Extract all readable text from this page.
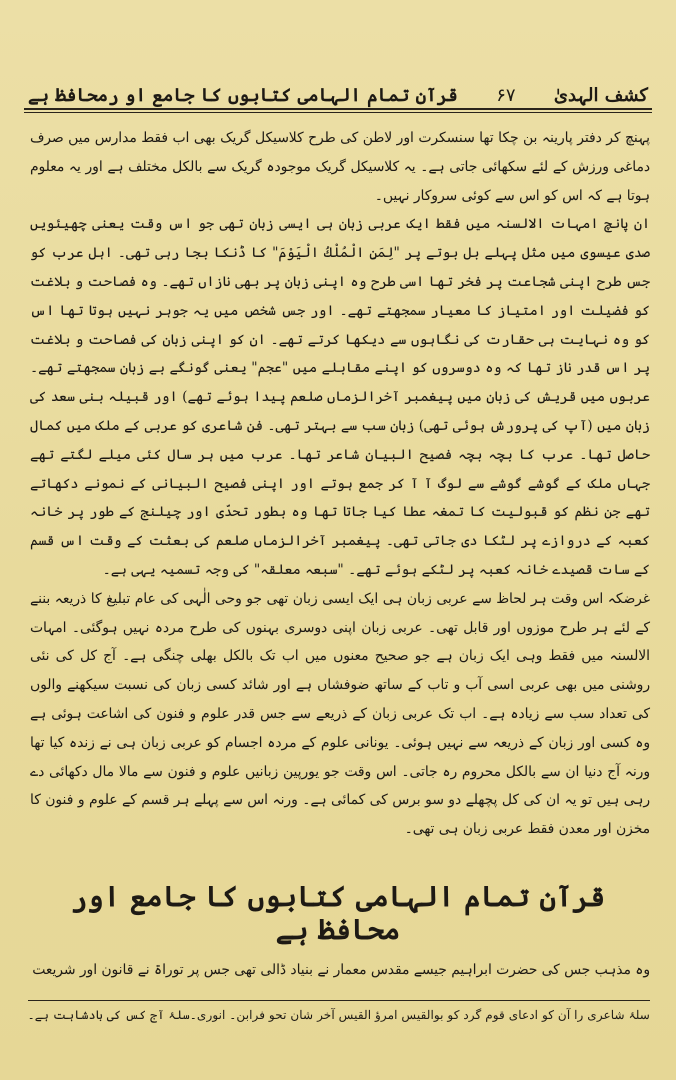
کشف الہدیٰ
۶۷
قرآن تمام الہامی کتابوں کا جامع او رمحافظ ہے

پہنچ کر دفتر پارینہ بن چکا تھا سنسکرت اور لاطن کی طرح کلاسیکل گریک بھی اب فقط مدارس میں صرف دماغی ورزش کے لئے سکھائی جاتی ہے۔ یہ کلاسیکل گریک موجودہ گریک سے بالکل مختلف ہے اور یہ معلوم ہوتا ہے کہ اس کو اس سے کوئی سروکار نہیں۔

ان پانچ امہات الالسنہ میں فقط ایک عربی زبان ہی ایسی زبان تھی جو اس وقت یعنی چھیئویں صدی عیسوی میں مثل پہلے بل بوتے پر "لِمَنِ الْمُلْكُ الْيَوْمَ" کا ڈنکا بجا رہی تھی۔ اہل عرب کو جس طرح اپنی شجاعت پر فخر تھا اسی طرح وہ اپنی زبان پر بھی نازاں تھے۔ وہ فصاحت و بلاغت کو فضیلت اور امتیاز کا معیار سمجھتے تھے۔ اور جس شخص میں یہ جوہر نہیں ہوتا تھا اس کو وہ نہایت ہی حقارت کی نگاہوں سے دیکھا کرتے تھے۔ ان کو اپنی زبان کی فصاحت و بلاغت پر اس قدر ناز تھا کہ وہ دوسروں کو اپنے مقابلے میں "عجم" یعنی گونگے بے زبان سمجھتے تھے۔ عربوں میں قریش کی زبان میں پیغمبر آخرالزماں صلعم پیدا ہوئے تھے) اور قبیلہ بنی سعد کی زبان میں (آپ کی پرورش ہوئی تھی) زبان سب سے بہتر تھی۔ فن شاعری کو عربی کے ملک میں کمال حاصل تھا۔ عرب کا بچہ بچہ فصیح البیان شاعر تھا۔ عرب میں ہر سال کئی میلے لگتے تھے جہاں ملک کے گوشے گوشے سے لوگ آ آ کر جمع ہوتے اور اپنی فصیح البیانی کے نمونے دکھاتے تھے جن نظم کو قبولیت کا تمغہ عطا کیا جاتا تھا وہ بطور تحدّی اور چیلنج کے طور پر خانہ کعبہ کے دروازے پر لٹکا دی جاتی تھی۔ پیغمبر آخرالزماں صلعم کی بعثت کے وقت اس قسم کے سات قصیدے خانہ کعبہ پر لٹکے ہوئے تھے۔ "سبعہ معلقہ" کی وجہ تسمیہ یہی ہے۔

غرضکہ اس وقت ہر لحاظ سے عربی زبان ہی ایک ایسی زبان تھی جو وحی الٰہی کی عام تبلیغ کا ذریعہ بننے کے لئے ہر طرح موزوں اور قابل تھی۔ عربی زبان اپنی دوسری بہنوں کی طرح مردہ نہیں ہوگئی۔ امہات الالسنہ میں فقط وہی ایک زبان ہے جو صحیح معنوں میں اب تک بالکل بھلی چنگی ہے۔ آج کل کی نئی روشنی میں بھی عربی اسی آب و تاب کے ساتھ ضوفشاں ہے اور شائد کسی زبان کی نسبت سیکھنے والوں کی تعداد سب سے زیادہ ہے۔ اب تک عربی زبان کے ذریعے سے جس قدر علوم و فنون کی اشاعت ہوئی ہے وہ کسی اور زبان کے ذریعہ سے نہیں ہوئی۔ یونانی علوم کے مردہ اجسام کو عربی زبان ہی نے زندہ کیا تھا ورنہ آج دنیا ان سے بالکل محروم رہ جاتی۔ اس وقت جو یورپین زبانیں علوم و فنون سے مالا مال دکھائی دے رہی ہیں تو یہ ان کی کل پچھلے دو سو برس کی کمائی ہے۔ ورنہ اس سے پہلے ہر قسم کے علوم و فنون کا مخزن اور معدن فقط عربی زبان ہی تھی۔

قرآن تمام الہامی کتابوں کا جامع اور محافظ ہے
وہ مذہب جس کی حضرت ابراہیم جیسے مقدس معمار نے بنیاد ڈالی تھی جس پر توراۃ نے قانون اور شریعت
سلۂ شاعری را آن کو ادعای قوم گرد کو بوالقیس امرؤ القیس آخر شان تحو فرابن۔ انوری۔
سلۂ آج کس کی بادشاہت ہے۔
